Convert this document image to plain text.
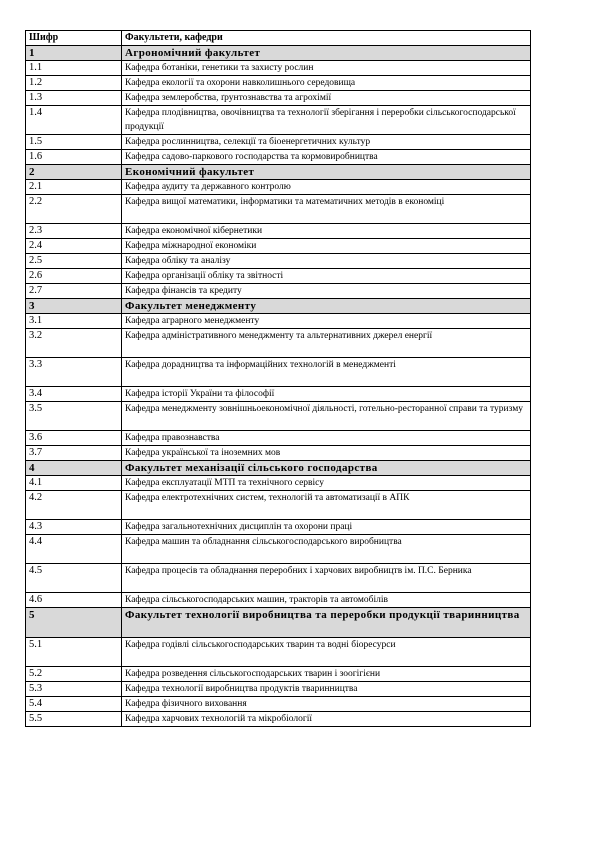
Шифр	Факультети, кафедри
1	Агрономічний факультет
1.1	Кафедра ботаніки, генетики та захисту рослин
1.2	Кафедра екології та охорони навколишнього середовища
1.3	Кафедра землеробства, ґрунтознавства та агрохімії
1.4	Кафедра плодівництва, овочівництва та технології зберігання і переробки сільськогосподарської продукції
1.5	Кафедра рослинництва, селекції та біоенергетичних культур
1.6	Кафедра садово-паркового господарства та кормовиробництва
2	Економічний факультет
2.1	Кафедра аудиту та державного контролю
2.2	Кафедра вищої математики, інформатики та математичних методів в економіці
2.3	Кафедра економічної кібернетики
2.4	Кафедра міжнародної економіки
2.5	Кафедра обліку та аналізу
2.6	Кафедра організації обліку та звітності
2.7	Кафедра фінансів та кредиту
3	Факультет менеджменту
3.1	Кафедра аграрного менеджменту
3.2	Кафедра адміністративного менеджменту та альтернативних джерел енергії
3.3	Кафедра дорадництва та інформаційних технологій в менеджменті
3.4	Кафедра історії України та філософії
3.5	Кафедра менеджменту зовнішньоекономічної діяльності, готельно-ресторанної справи та туризму
3.6	Кафедра правознавства
3.7	Кафедра української та іноземних мов
4	Факультет механізації сільського господарства
4.1	Кафедра експлуатації МТП та технічного сервісу
4.2	Кафедра електротехнічних систем, технологій та автоматизації в АПК
4.3	Кафедра загальнотехнічних дисциплін та охорони праці
4.4	Кафедра машин та обладнання сільськогосподарського виробництва
4.5	Кафедра процесів та обладнання переробних і харчових виробництв ім. П.С. Берника
4.6	Кафедра сільськогосподарських машин, тракторів та автомобілів
5	Факультет технології виробництва та переробки продукції тваринництва
5.1	Кафедра годівлі сільськогосподарських тварин та водні біоресурси
5.2	Кафедра розведення сільськогосподарських тварин і зоогігієни
5.3	Кафедра технології виробництва продуктів тваринництва
5.4	Кафедра фізичного виховання
5.5	Кафедра харчових технологій та мікробіології
